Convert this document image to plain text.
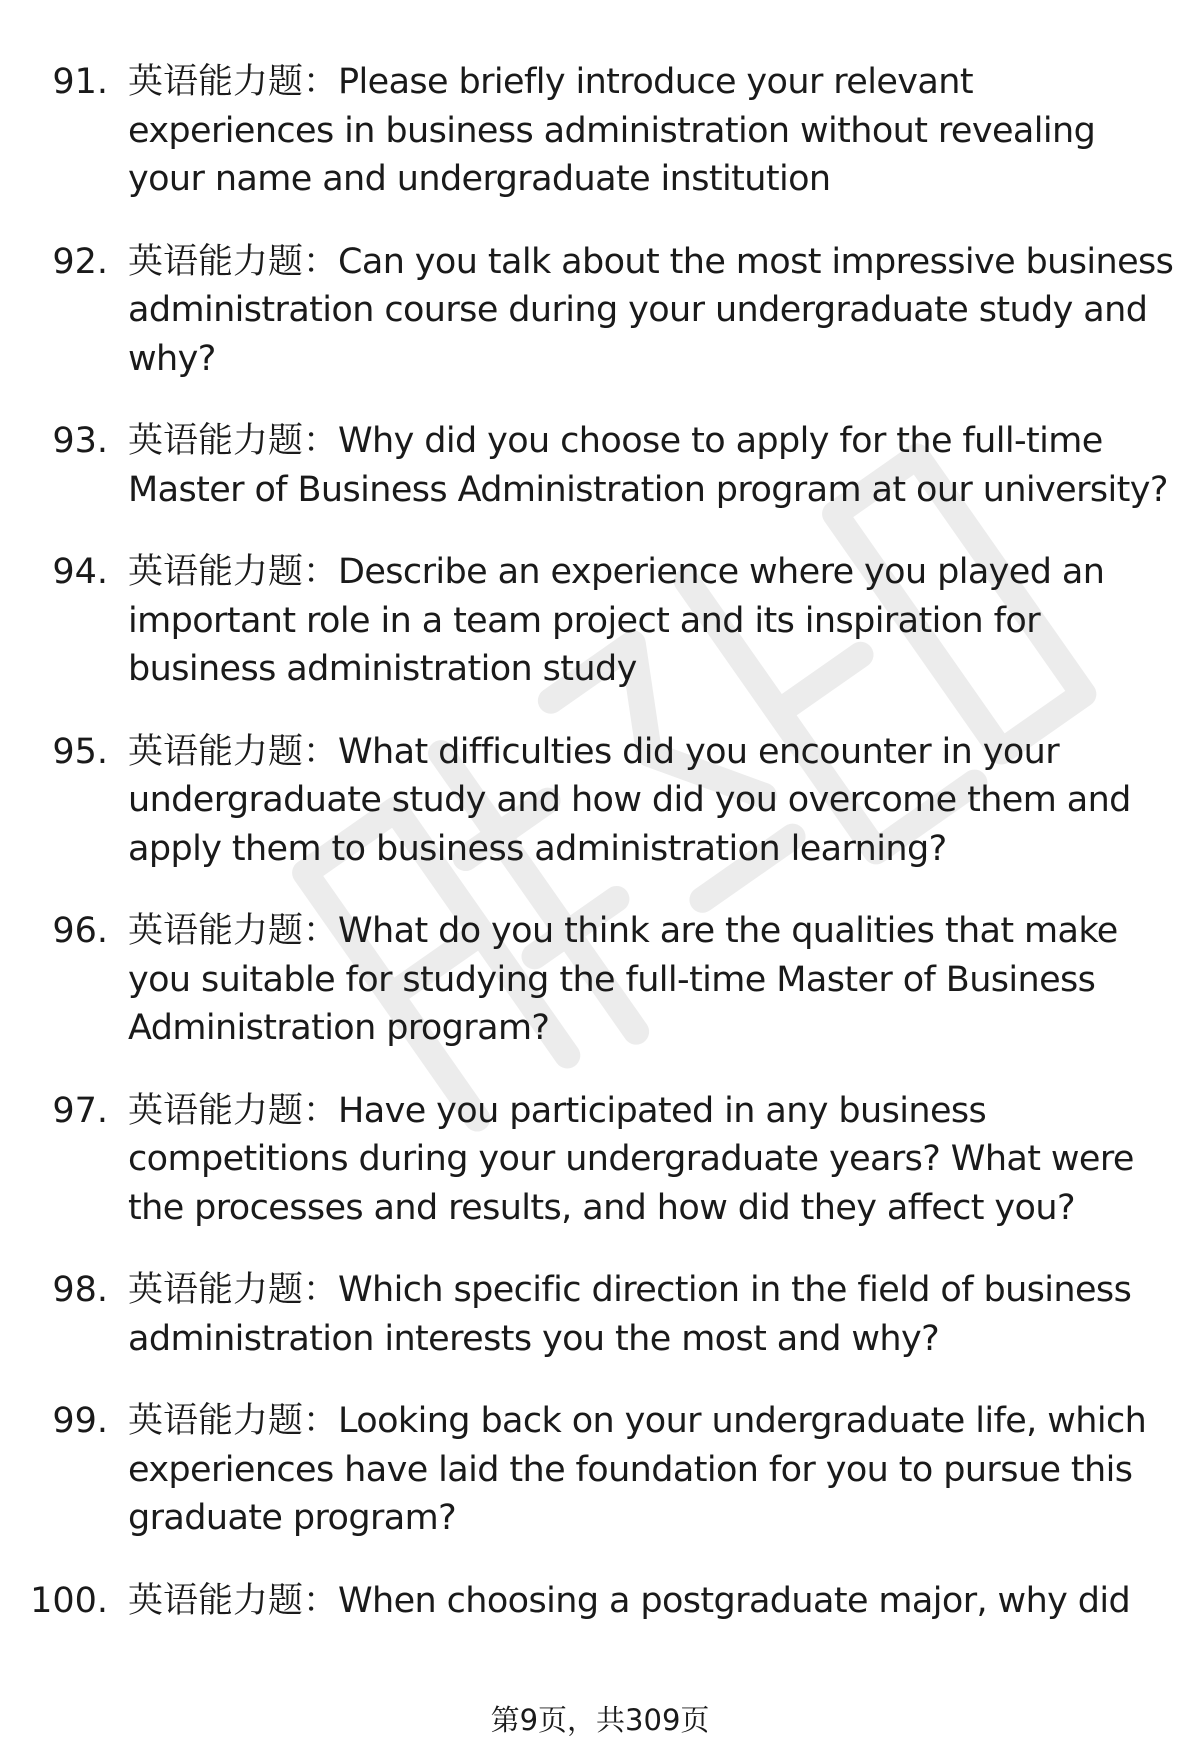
91. 英语能力题：Please briefly introduce your relevant experiences in business administration without revealing your name and undergraduate institution
92. 英语能力题：Can you talk about the most impressive business administration course during your undergraduate study and why?
93. 英语能力题：Why did you choose to apply for the full-time Master of Business Administration program at our university?
94. 英语能力题：Describe an experience where you played an important role in a team project and its inspiration for business administration study
95. 英语能力题：What difficulties did you encounter in your undergraduate study and how did you overcome them and apply them to business administration learning?
96. 英语能力题：What do you think are the qualities that make you suitable for studying the full-time Master of Business Administration program?
97. 英语能力题：Have you participated in any business competitions during your undergraduate years? What were the processes and results, and how did they affect you?
98. 英语能力题：Which specific direction in the field of business administration interests you the most and why?
99. 英语能力题：Looking back on your undergraduate life, which experiences have laid the foundation for you to pursue this graduate program?
100. 英语能力题：When choosing a postgraduate major, why did
第9页，共309页
